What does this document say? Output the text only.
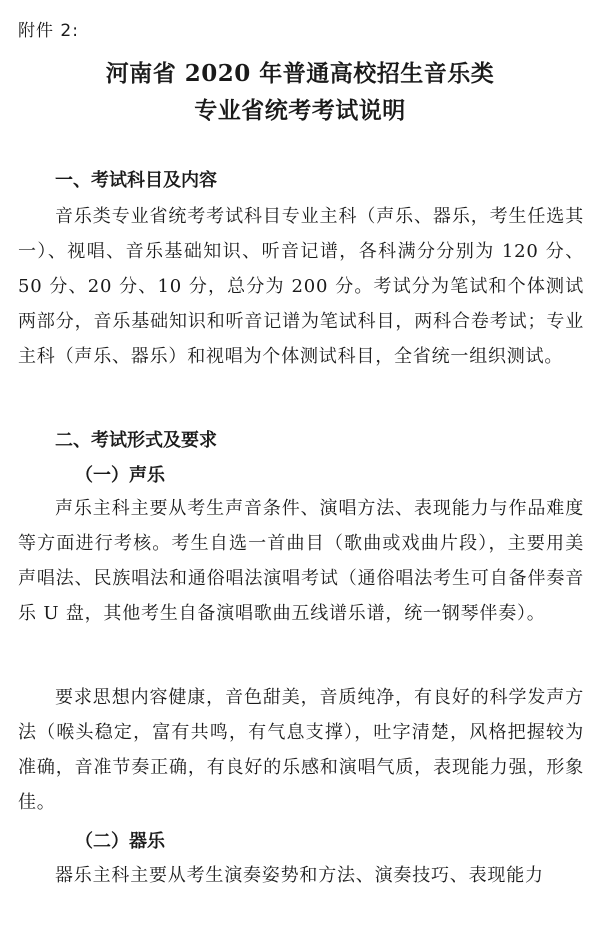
附件 2:
河南省 2020 年普通高校招生音乐类
专业省统考考试说明
一、考试科目及内容
音乐类专业省统考考试科目专业主科（声乐、器乐，考生任选其一）、视唱、音乐基础知识、听音记谱，各科满分分别为 120 分、50 分、20 分、10 分，总分为 200 分。考试分为笔试和个体测试两部分，音乐基础知识和听音记谱为笔试科目，两科合卷考试；专业主科（声乐、器乐）和视唱为个体测试科目，全省统一组织测试。
二、考试形式及要求
（一）声乐
声乐主科主要从考生声音条件、演唱方法、表现能力与作品难度等方面进行考核。考生自选一首曲目（歌曲或戏曲片段），主要用美声唱法、民族唱法和通俗唱法演唱考试（通俗唱法考生可自备伴奏音乐 U 盘，其他考生自备演唱歌曲五线谱乐谱，统一钢琴伴奏）。
要求思想内容健康，音色甜美，音质纯净，有良好的科学发声方法（喉头稳定，富有共鸣，有气息支撑），吐字清楚，风格把握较为准确，音准节奏正确，有良好的乐感和演唱气质，表现能力强，形象佳。
（二）器乐
器乐主科主要从考生演奏姿势和方法、演奏技巧、表现能力
